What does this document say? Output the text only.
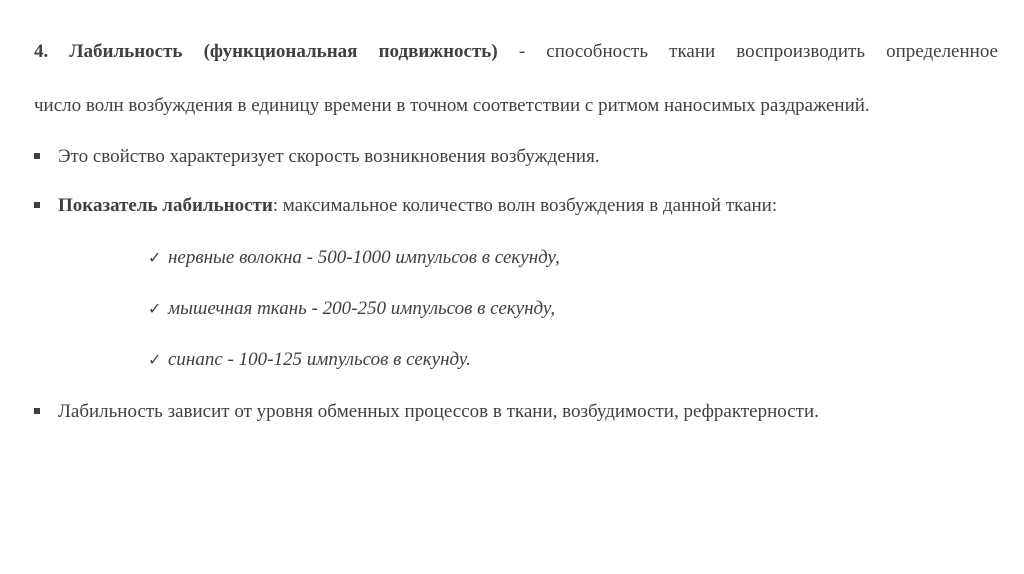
4. Лабильность (функциональная подвижность) - способность ткани воспроизводить определенное
число волн возбуждения в единицу времени в точном соответствии с ритмом наносимых раздражений.
Это свойство характеризует скорость возникновения возбуждения.
Показатель лабильности: максимальное количество волн возбуждения в данной ткани:
✓ нервные волокна - 500-1000 импульсов в секунду,
✓ мышечная ткань - 200-250 импульсов в секунду,
✓ синапс - 100-125 импульсов в секунду.
Лабильность зависит от уровня обменных процессов в ткани, возбудимости, рефрактерности.
